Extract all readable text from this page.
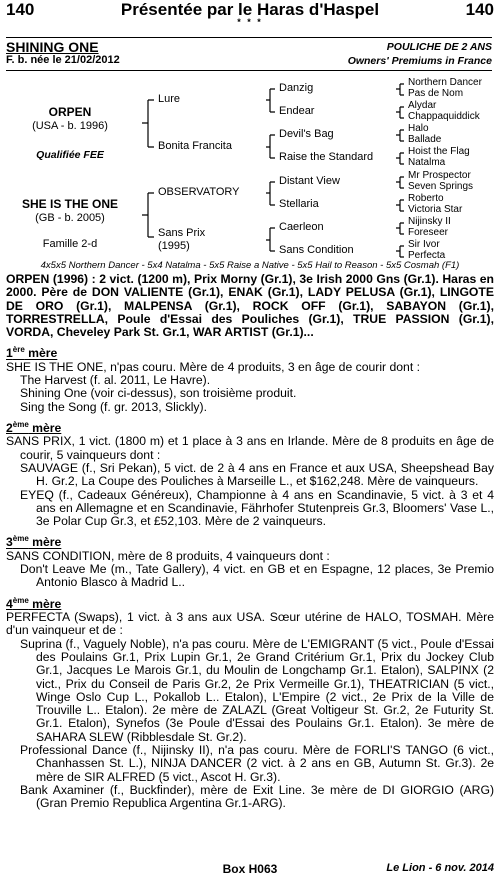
140	Présentée par le Haras d'Haspel	140
* * *
SHINING ONE	POULICHE DE 2 ANS
F. b. née le 21/02/2012	Owners' Premiums in France
ORPEN
(USA - b. 1996)
Qualifiée FEE
SHE IS THE ONE
(GB - b. 2005)
Famille 2-d
Lure
Bonita Francita
OBSERVATORY
Sans Prix
(1995)
Danzig
Endear
Devil's Bag
Raise the Standard
Distant View
Stellaria
Caerleon
Sans Condition
Northern Dancer
Pas de Nom
Alydar
Chappaquiddick
Halo
Ballade
Hoist the Flag
Natalma
Mr Prospector
Seven Springs
Roberto
Victoria Star
Nijinsky II
Foreseer
Sir Ivor
Perfecta
4x5x5 Northern Dancer - 5x4 Natalma - 5x5 Raise a Native - 5x5 Hail to Reason - 5x5 Cosmah (F1)

ORPEN (1996) : 2 vict. (1200 m), Prix Morny (Gr.1), 3e Irish 2000 Gns (Gr.1). Haras en 2000. Père de DON VALIENTE (Gr.1), ENAK (Gr.1), LADY PELUSA (Gr.1), LINGOTE DE ORO (Gr.1), MALPENSA (Gr.1), ROCK OFF (Gr.1), SABAYON (Gr.1), TORRESTRELLA, Poule d'Essai des Pouliches (Gr.1), TRUE PASSION (Gr.1), VORDA, Cheveley Park St. Gr.1, WAR ARTIST (Gr.1)...

1ère mère

SHE IS THE ONE, n'pas couru. Mère de 4 produits, 3 en âge de courir dont :

The Harvest (f. al. 2011, Le Havre).

Shining One (voir ci-dessus), son troisième produit.

Sing the Song (f. gr. 2013, Slickly).

2ème mère

SANS PRIX, 1 vict. (1800 m) et 1 place à 3 ans en Irlande. Mère de 8 produits en âge de courir, 5 vainqueurs dont :

SAUVAGE (f., Sri Pekan), 5 vict. de 2 à 4 ans en France et aux USA, Sheepshead Bay H. Gr.2, La Coupe des Pouliches à Marseille L., et $162,248. Mère de vainqueurs.

EYEQ (f., Cadeaux Généreux), Championne à 4 ans en Scandinavie, 5 vict. à 3 et 4 ans en Allemagne et en Scandinavie, Fährhofer Stutenpreis Gr.3, Bloomers' Vase L., 3e Polar Cup Gr.3, et £52,103. Mère de 2 vainqueurs.

3ème mère

SANS CONDITION, mère de 8 produits, 4 vainqueurs dont :

Don't Leave Me (m., Tate Gallery), 4 vict. en GB et en Espagne, 12 places, 3e Premio Antonio Blasco à Madrid L..

4ème mère

PERFECTA (Swaps), 1 vict. à 3 ans aux USA. Sœur utérine de HALO, TOSMAH. Mère d'un vainqueur et de :

Suprina (f., Vaguely Noble), n'a pas couru. Mère de L'EMIGRANT (5 vict., Poule d'Essai des Poulains Gr.1, Prix Lupin Gr.1, 2e Grand Critérium Gr.1, Prix du Jockey Club Gr.1, Jacques Le Marois Gr.1, du Moulin de Longchamp Gr.1. Etalon), SALPINX (2 vict., Prix du Conseil de Paris Gr.2, 2e Prix Vermeille Gr.1), THEATRICIAN (5 vict., Winge Oslo Cup L., Pokallob L.. Etalon), L'Empire (2 vict., 2e Prix de la Ville de Trouville L.. Etalon). 2e mère de ZALAZL (Great Voltigeur St. Gr.2, 2e Futurity St. Gr.1. Etalon), Synefos (3e Poule d'Essai des Poulains Gr.1. Etalon). 3e mère de SAHARA SLEW (Ribblesdale St. Gr.2).

Professional Dance (f., Nijinsky II), n'a pas couru. Mère de FORLI'S TANGO (6 vict., Chanhassen St. L.), NINJA DANCER (2 vict. à 2 ans en GB, Autumn St. Gr.3). 2e mère de SIR ALFRED (5 vict., Ascot H. Gr.3).

Bank Axaminer (f., Buckfinder), mère de Exit Line. 3e mère de DI GIORGIO (ARG) (Gran Premio Republica Argentina Gr.1-ARG).

Box H063	Le Lion - 6 nov. 2014
